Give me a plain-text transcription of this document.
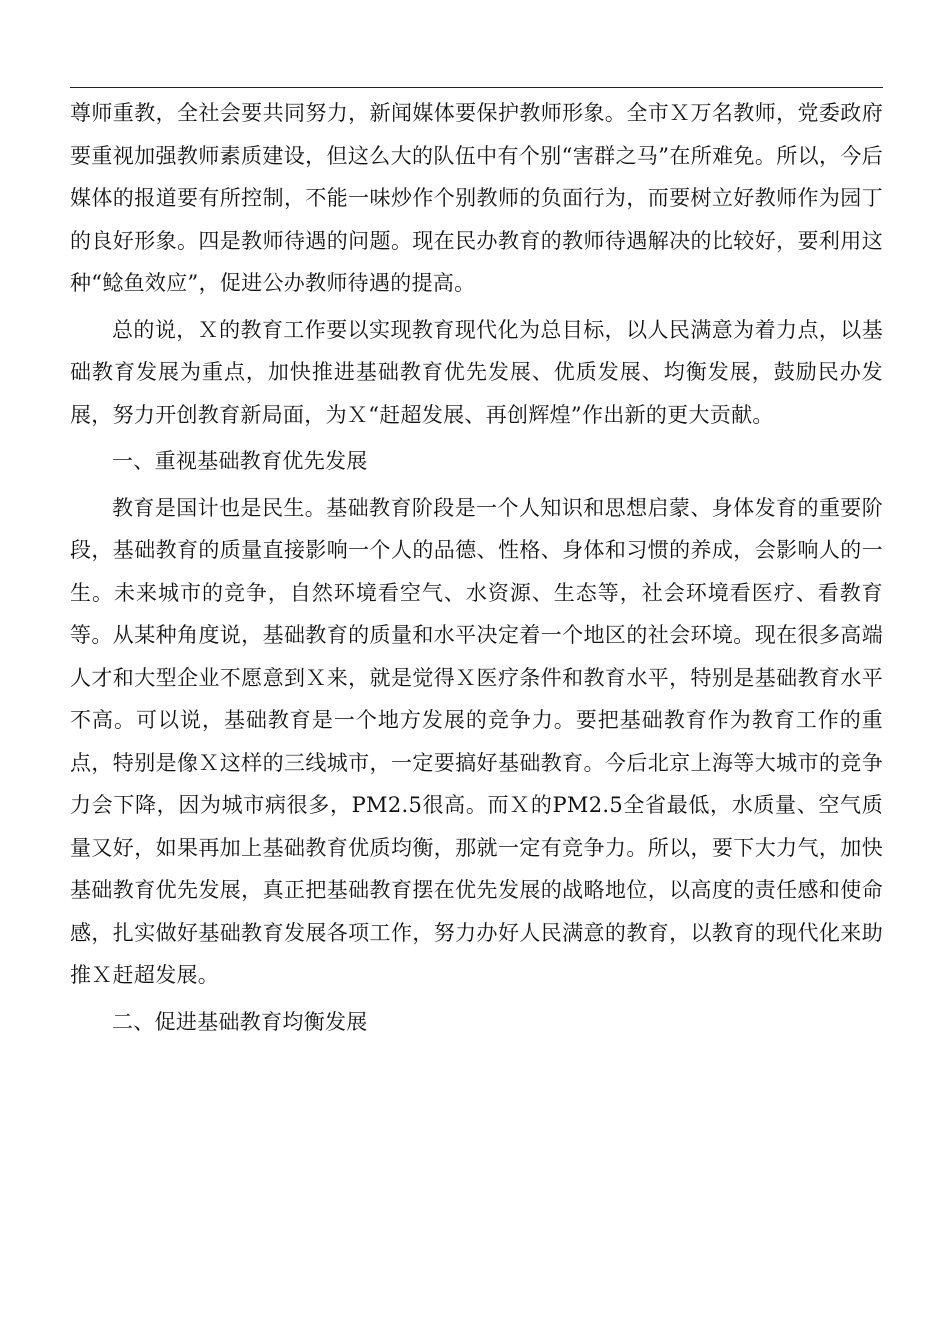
尊师重教，全社会要共同努力，新闻媒体要保护教师形象。全市Ｘ万名教师，党委政府要重视加强教师素质建设，但这么大的队伍中有个别“害群之马”在所难免。所以，今后媒体的报道要有所控制，不能一味炒作个别教师的负面行为，而要树立好教师作为园丁的良好形象。四是教师待遇的问题。现在民办教育的教师待遇解决的比较好，要利用这种“鲶鱼效应”，促进公办教师待遇的提高。

总的说，Ｘ的教育工作要以实现教育现代化为总目标，以人民满意为着力点，以基础教育发展为重点，加快推进基础教育优先发展、优质发展、均衡发展，鼓励民办发展，努力开创教育新局面，为Ｘ“赶超发展、再创辉煌”作出新的更大贡献。

一、重视基础教育优先发展

教育是国计也是民生。基础教育阶段是一个人知识和思想启蒙、身体发育的重要阶段，基础教育的质量直接影响一个人的品德、性格、身体和习惯的养成，会影响人的一生。未来城市的竞争，自然环境看空气、水资源、生态等，社会环境看医疗、看教育等。从某种角度说，基础教育的质量和水平决定着一个地区的社会环境。现在很多高端人才和大型企业不愿意到Ｘ来，就是觉得Ｘ医疗条件和教育水平，特别是基础教育水平不高。可以说，基础教育是一个地方发展的竞争力。要把基础教育作为教育工作的重点，特别是像Ｘ这样的三线城市，一定要搞好基础教育。今后北京上海等大城市的竞争力会下降，因为城市病很多，PM2.5很高。而Ｘ的PM2.5全省最低，水质量、空气质量又好，如果再加上基础教育优质均衡，那就一定有竞争力。所以，要下大力气，加快基础教育优先发展，真正把基础教育摆在优先发展的战略地位，以高度的责任感和使命感，扎实做好基础教育发展各项工作，努力办好人民满意的教育，以教育的现代化来助推Ｘ赶超发展。

二、促进基础教育均衡发展
